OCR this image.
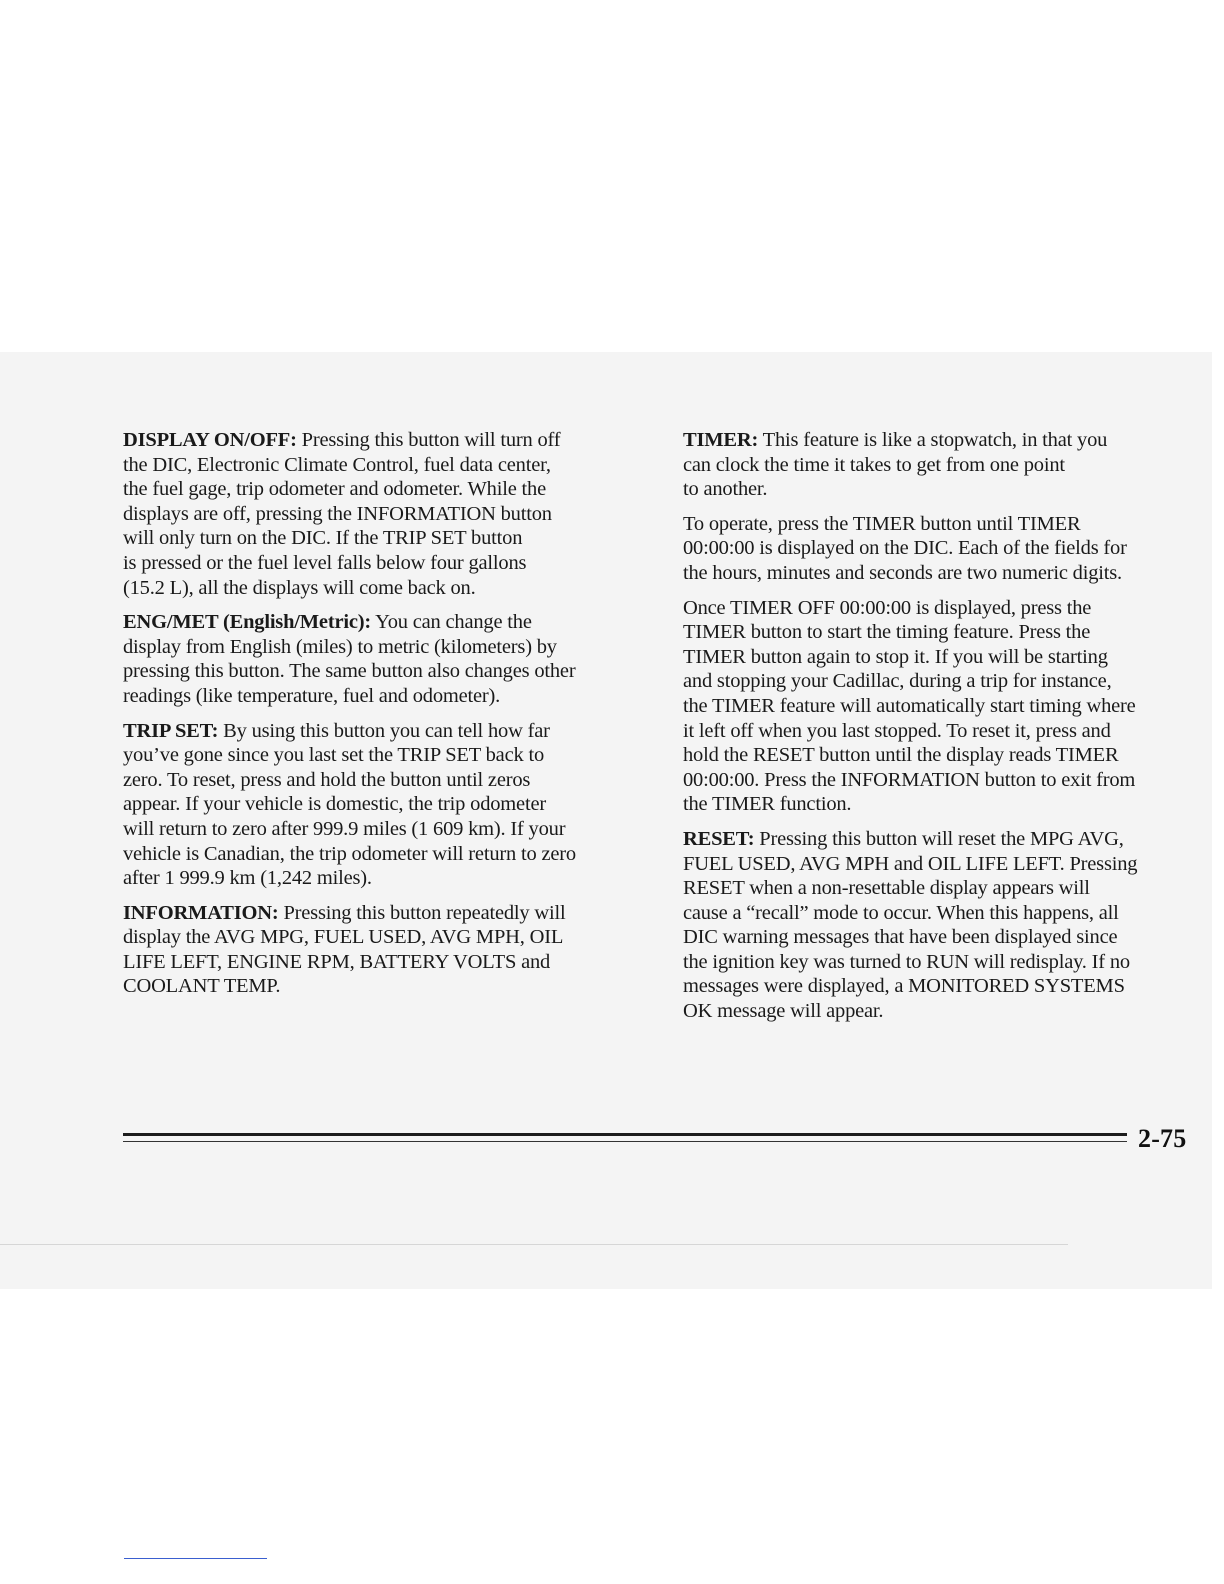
DISPLAY ON/OFF: Pressing this button will turn off
the DIC, Electronic Climate Control, fuel data center,
the fuel gage, trip odometer and odometer. While the
displays are off, pressing the INFORMATION button
will only turn on the DIC. If the TRIP SET button
is pressed or the fuel level falls below four gallons
(15.2 L), all the displays will come back on.

ENG/MET (English/Metric): You can change the
display from English (miles) to metric (kilometers) by
pressing this button. The same button also changes other
readings (like temperature, fuel and odometer).

TRIP SET: By using this button you can tell how far
you’ve gone since you last set the TRIP SET back to
zero. To reset, press and hold the button until zeros
appear. If your vehicle is domestic, the trip odometer
will return to zero after 999.9 miles (1 609 km). If your
vehicle is Canadian, the trip odometer will return to zero
after 1 999.9 km (1,242 miles).

INFORMATION: Pressing this button repeatedly will
display the AVG MPG, FUEL USED, AVG MPH, OIL
LIFE LEFT, ENGINE RPM, BATTERY VOLTS and
COOLANT TEMP.

TIMER: This feature is like a stopwatch, in that you
can clock the time it takes to get from one point
to another.

To operate, press the TIMER button until TIMER
00:00:00 is displayed on the DIC. Each of the fields for
the hours, minutes and seconds are two numeric digits.

Once TIMER OFF 00:00:00 is displayed, press the
TIMER button to start the timing feature. Press the
TIMER button again to stop it. If you will be starting
and stopping your Cadillac, during a trip for instance,
the TIMER feature will automatically start timing where
it left off when you last stopped. To reset it, press and
hold the RESET button until the display reads TIMER
00:00:00. Press the INFORMATION button to exit from
the TIMER function.

RESET: Pressing this button will reset the MPG AVG,
FUEL USED, AVG MPH and OIL LIFE LEFT. Pressing
RESET when a non-resettable display appears will
cause a “recall” mode to occur. When this happens, all
DIC warning messages that have been displayed since
the ignition key was turned to RUN will redisplay. If no
messages were displayed, a MONITORED SYSTEMS
OK message will appear.

2-75
